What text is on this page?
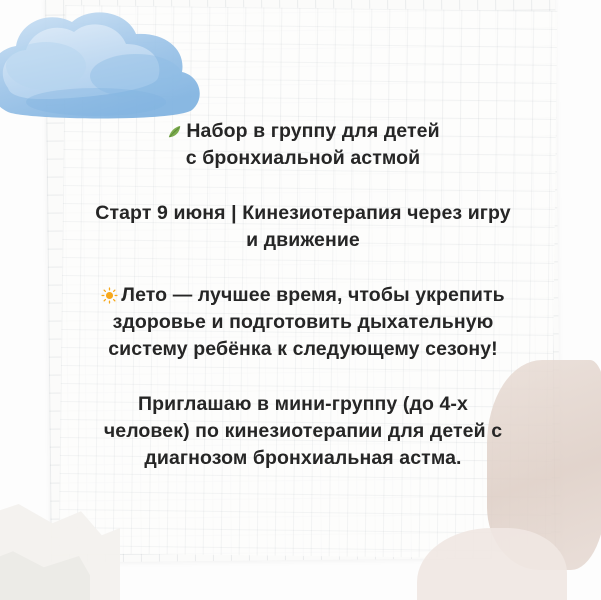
Набор в группу для детей
с бронхиальной астмой

Старт 9 июня | Кинезиотерапия через игру
и движение

Лето — лучшее время, чтобы укрепить
здоровье и подготовить дыхательную
систему ребёнка к следующему сезону!

Приглашаю в мини-группу (до 4-х
человек) по кинезиотерапии для детей с
диагнозом бронхиальная астма.
